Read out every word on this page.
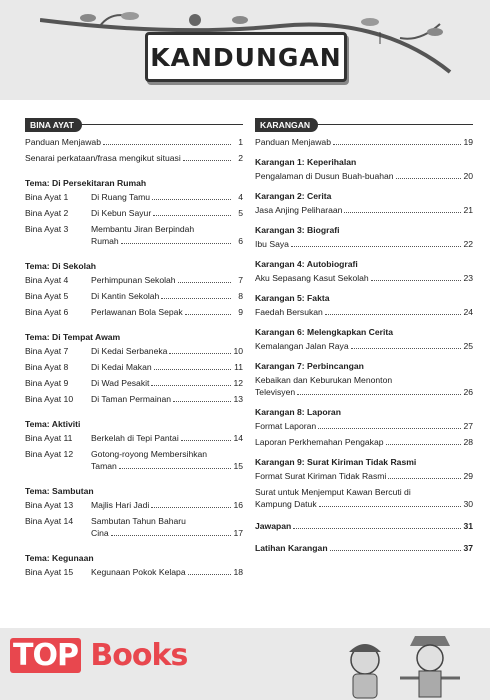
KANDUNGAN
BINA AYAT
Panduan Menjawab	1
Senarai perkataan/frasa mengikut situasi	2
Tema: Di Persekitaran Rumah
Bina Ayat 1	Di Ruang Tamu	4
Bina Ayat 2	Di Kebun Sayur	5
Bina Ayat 3	Membantu Jiran Berpindah
Rumah	6
Tema: Di Sekolah
Bina Ayat 4	Perhimpunan Sekolah	7
Bina Ayat 5	Di Kantin Sekolah	8
Bina Ayat 6	Perlawanan Bola Sepak	9
Tema: Di Tempat Awam
Bina Ayat 7	Di Kedai Serbaneka	10
Bina Ayat 8	Di Kedai Makan	11
Bina Ayat 9	Di Wad Pesakit	12
Bina Ayat 10	Di Taman Permainan	13
Tema: Aktiviti
Bina Ayat 11	Berkelah di Tepi Pantai	14
Bina Ayat 12	Gotong-royong Membersihkan
Taman	15
Tema: Sambutan
Bina Ayat 13	Majlis Hari Jadi	16
Bina Ayat 14	Sambutan Tahun Baharu
Cina	17
Tema: Kegunaan
Bina Ayat 15	Kegunaan Pokok Kelapa	18
KARANGAN
Panduan Menjawab	19
Karangan 1: Keperihalan
Pengalaman di Dusun Buah-buahan	20
Karangan 2: Cerita
Jasa Anjing Peliharaan	21
Karangan 3: Biografi
Ibu Saya	22
Karangan 4: Autobiografi
Aku Sepasang Kasut Sekolah	23
Karangan 5: Fakta
Faedah Bersukan	24
Karangan 6: Melengkapkan Cerita
Kemalangan Jalan Raya	25
Karangan 7: Perbincangan
Kebaikan dan Keburukan Menonton
Televisyen	26
Karangan 8: Laporan
Format Laporan	27
Laporan Perkhemahan Pengakap	28
Karangan 9: Surat Kiriman Tidak Rasmi
Format Surat Kiriman Tidak Rasmi	29
Surat untuk Menjemput Kawan Bercuti di
Kampung Datuk	30
Jawapan	31
Latihan Karangan	37
TOP Books
